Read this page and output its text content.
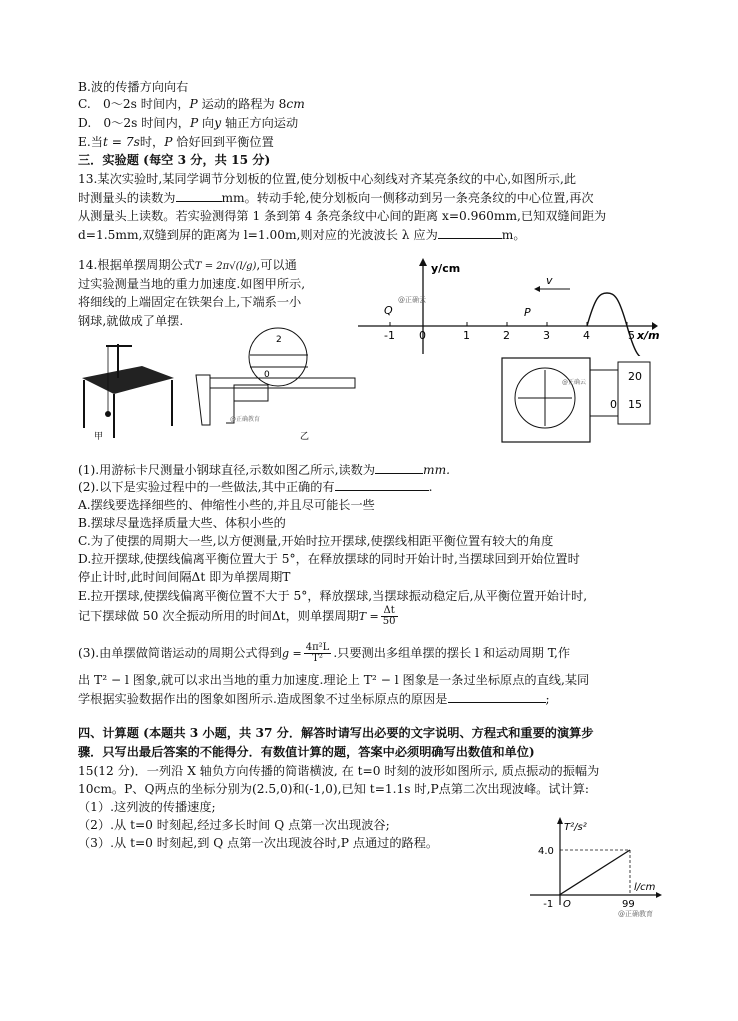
B.波的传播方向向右
C.　0～2s 时间内，P 运动的路程为 8cm
D.　0～2s 时间内，P 向y 轴正方向运动
E.当t = 7s时，P 恰好回到平衡位置
三．实验题 (每空 3 分，共 15 分)
13.某次实验时,某同学调节分划板的位置,使分划板中心刻线对齐某亮条纹的中心,如图所示,此
时测量头的读数为	mm。转动手轮,使分划板向一侧移动到另一条亮条纹的中心位置,再次
从测量头上读数。若实验测得第 1 条到第 4 条亮条纹中心间的距离 x=0.960mm,已知双缝间距为
d=1.5mm,双缝到屏的距离为 l=1.00m,则对应的光波波长 λ 应为	m。
14.根据单摆周期公式T = 2π√(l/g),可以通
过实验测量当地的重力加速度.如图甲所示,
将细线的上端固定在铁架台上,下端系一小
钢球,就做成了单摆.
y/cm
v
Q	P
@正确云
-1 0	1	2	3	4	5 x/m
甲
2
0
@正确教育
乙
@正确云	20
15
0
(1).用游标卡尺测量小钢球直径,示数如图乙所示,读数为	mm.
(2).以下是实验过程中的一些做法,其中正确的有	.
A.摆线要选择细些的、伸缩性小些的,并且尽可能长一些
B.摆球尽量选择质量大些、体积小些的
C.为了使摆的周期大一些,以方便测量,开始时拉开摆球,使摆线相距平衡位置有较大的角度
D.拉开摆球,使摆线偏离平衡位置大于 5°，在释放摆球的同时开始计时,当摆球回到开始位置时
停止计时,此时间间隔Δt 即为单摆周期T
E.拉开摆球,使摆线偏离平衡位置不大于 5°，释放摆球,当摆球振动稳定后,从平衡位置开始计时,
记下摆球做 50 次全振动所用的时间Δt，则单摆周期$T = \frac{\Delta t}{50}$
(3).由单摆做简谐运动的周期公式得到$g = \frac{\text{4π²L}}{\text{T²}}$ .只要测出多组单摆的摆长 l 和运动周期 T,作
出 T² − l 图象,就可以求出当地的重力加速度.理论上 T² − l 图象是一条过坐标原点的直线,某同
学根据实验数据作出的图象如图所示.造成图象不过坐标原点的原因是	;
四、计算题 (本题共 3 小题，共 37 分．解答时请写出必要的文字说明、方程式和重要的演算步
骤．只写出最后答案的不能得分．有数值计算的题，答案中必须明确写出数值和单位)
15(12 分)．一列沿 X 轴负方向传播的简谐横波, 在 t=0 时刻的波形如图所示, 质点振动的振幅为
10cm。P、Q两点的坐标分别为(2.5,0)和(-1,0),已知 t=1.1s 时,P点第二次出现波峰。试计算:
（1）.这列波的传播速度;
（2）.从 t=0 时刻起,经过多长时间 Q 点第一次出现波谷;
（3）.从 t=0 时刻起,到 Q 点第一次出现波谷时,P 点通过的路程。
T²/s²
l/cm
@正确教育
-1 O	99
4.0
